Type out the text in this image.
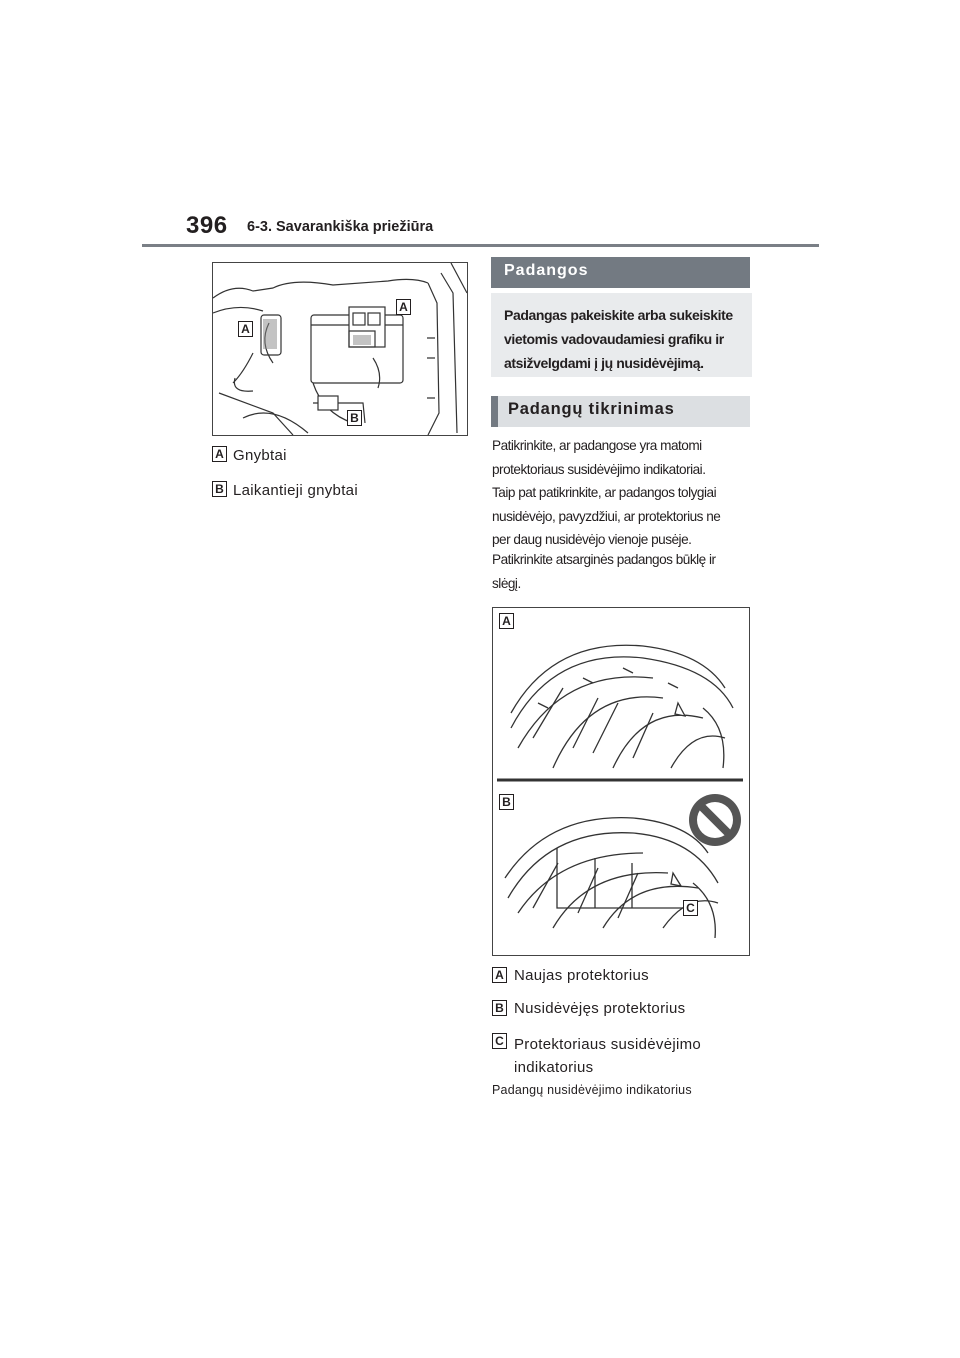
396 6-3. Savarankiška priežiūra
A
A
B
A Gnybtai
B Laikantieji gnybtai
Padangos
Padangas pakeiskite arba sukeiskite
vietomis vadovaudamiesi grafiku ir
atsižvelgdami į jų nusidėvėjimą.
Padangų tikrinimas
Patikrinkite, ar padangose yra matomi
protektoriaus susidėvėjimo indikatoriai.
Taip pat patikrinkite, ar padangos tolygiai
nusidėvėjo, pavyzdžiui, ar protektorius ne
per daug nusidėvėjo vienoje pusėje.
Patikrinkite atsarginės padangos būklę ir
slėgį.
A
B
C
A Naujas protektorius
B Nusidėvėjęs protektorius
C Protektoriaus susidėvėjimo
indikatorius
Padangų nusidėvėjimo indikatorius
